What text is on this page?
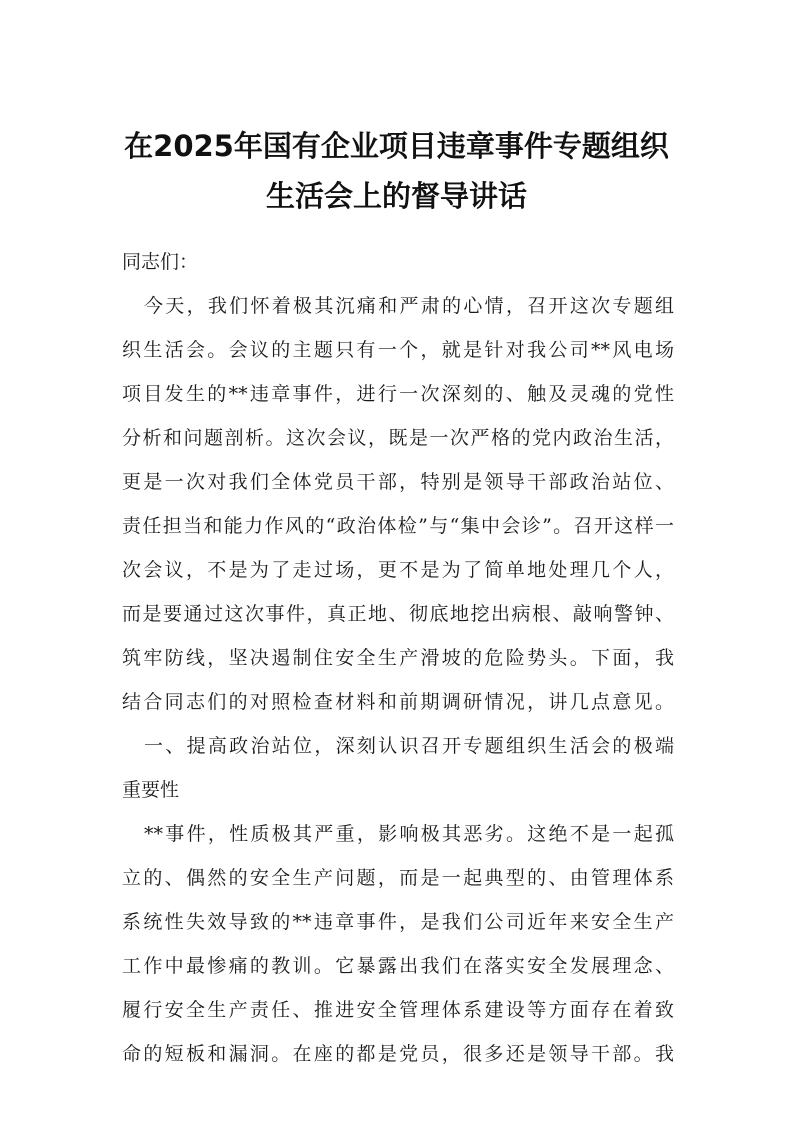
在2025年国有企业项目违章事件专题组织
生活会上的督导讲话
同志们：
今天，我们怀着极其沉痛和严肃的心情，召开这次专题组
织生活会。会议的主题只有一个，就是针对我公司**风电场
项目发生的**违章事件，进行一次深刻的、触及灵魂的党性
分析和问题剖析。这次会议，既是一次严格的党内政治生活，
更是一次对我们全体党员干部，特别是领导干部政治站位、
责任担当和能力作风的“政治体检”与“集中会诊”。召开这样一
次会议，不是为了走过场，更不是为了简单地处理几个人，
而是要通过这次事件，真正地、彻底地挖出病根、敲响警钟、
筑牢防线，坚决遏制住安全生产滑坡的危险势头。下面，我
结合同志们的对照检查材料和前期调研情况，讲几点意见。
一、提高政治站位，深刻认识召开专题组织生活会的极端
重要性
**事件，性质极其严重，影响极其恶劣。这绝不是一起孤
立的、偶然的安全生产问题，而是一起典型的、由管理体系
系统性失效导致的**违章事件，是我们公司近年来安全生产
工作中最惨痛的教训。它暴露出我们在落实安全发展理念、
履行安全生产责任、推进安全管理体系建设等方面存在着致
命的短板和漏洞。在座的都是党员，很多还是领导干部。我
